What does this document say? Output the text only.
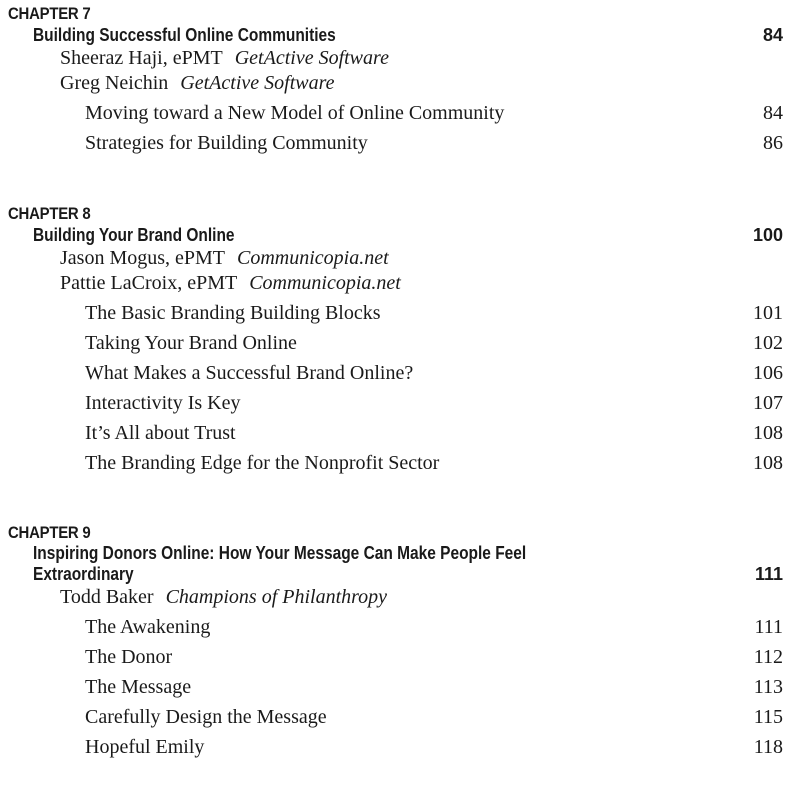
CHAPTER 7
Building Successful Online Communities	84
Sheeraz Haji, ePMT GetActive Software
Greg Neichin GetActive Software
Moving toward a New Model of Online Community	84
Strategies for Building Community	86
CHAPTER 8
Building Your Brand Online	100
Jason Mogus, ePMT Communicopia.net
Pattie LaCroix, ePMT Communicopia.net
The Basic Branding Building Blocks	101
Taking Your Brand Online	102
What Makes a Successful Brand Online?	106
Interactivity Is Key	107
It’s All about Trust	108
The Branding Edge for the Nonprofit Sector	108
CHAPTER 9
Inspiring Donors Online: How Your Message Can Make People Feel
Extraordinary	111
Todd Baker Champions of Philanthropy
The Awakening	111
The Donor	112
The Message	113
Carefully Design the Message	115
Hopeful Emily	118
